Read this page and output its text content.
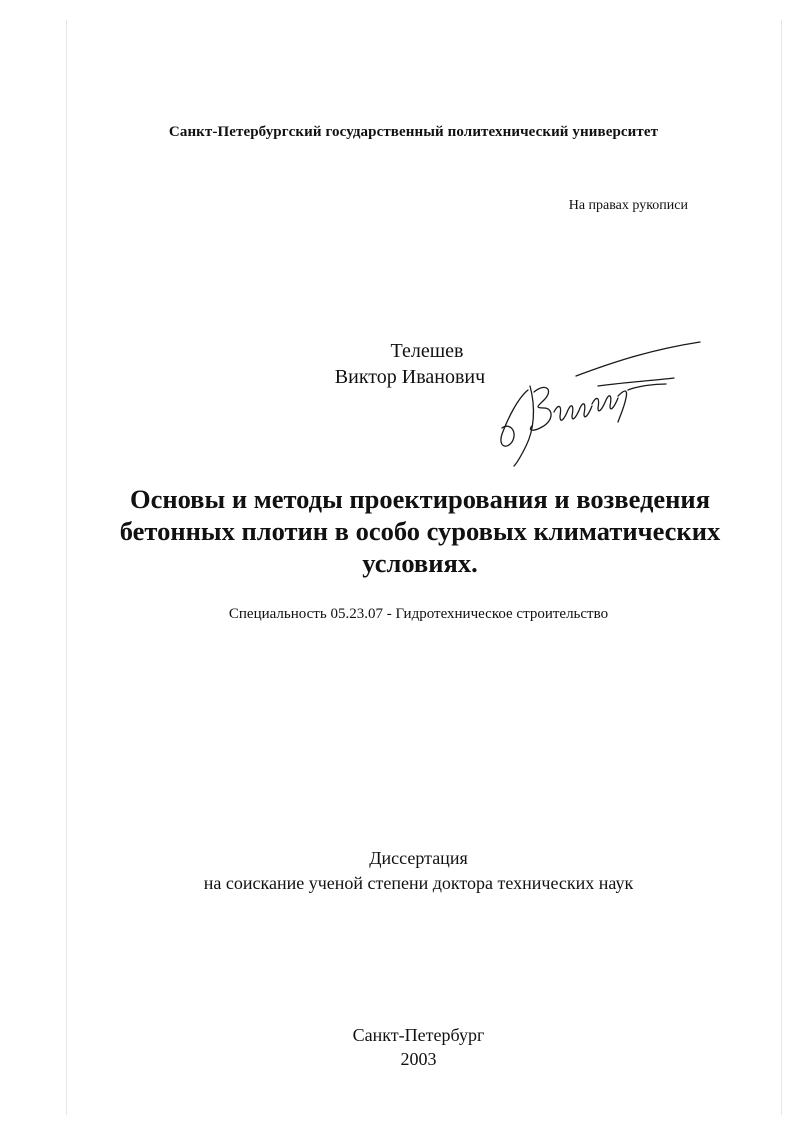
Санкт-Петербургский государственный политехнический университет
На правах рукописи
Телешев
Виктор Иванович
Основы и методы проектирования и возведения
бетонных плотин в особо суровых климатических
условиях.
Специальность 05.23.07 - Гидротехническое строительство
Диссертация
на соискание ученой степени доктора технических наук
Санкт-Петербург
2003
